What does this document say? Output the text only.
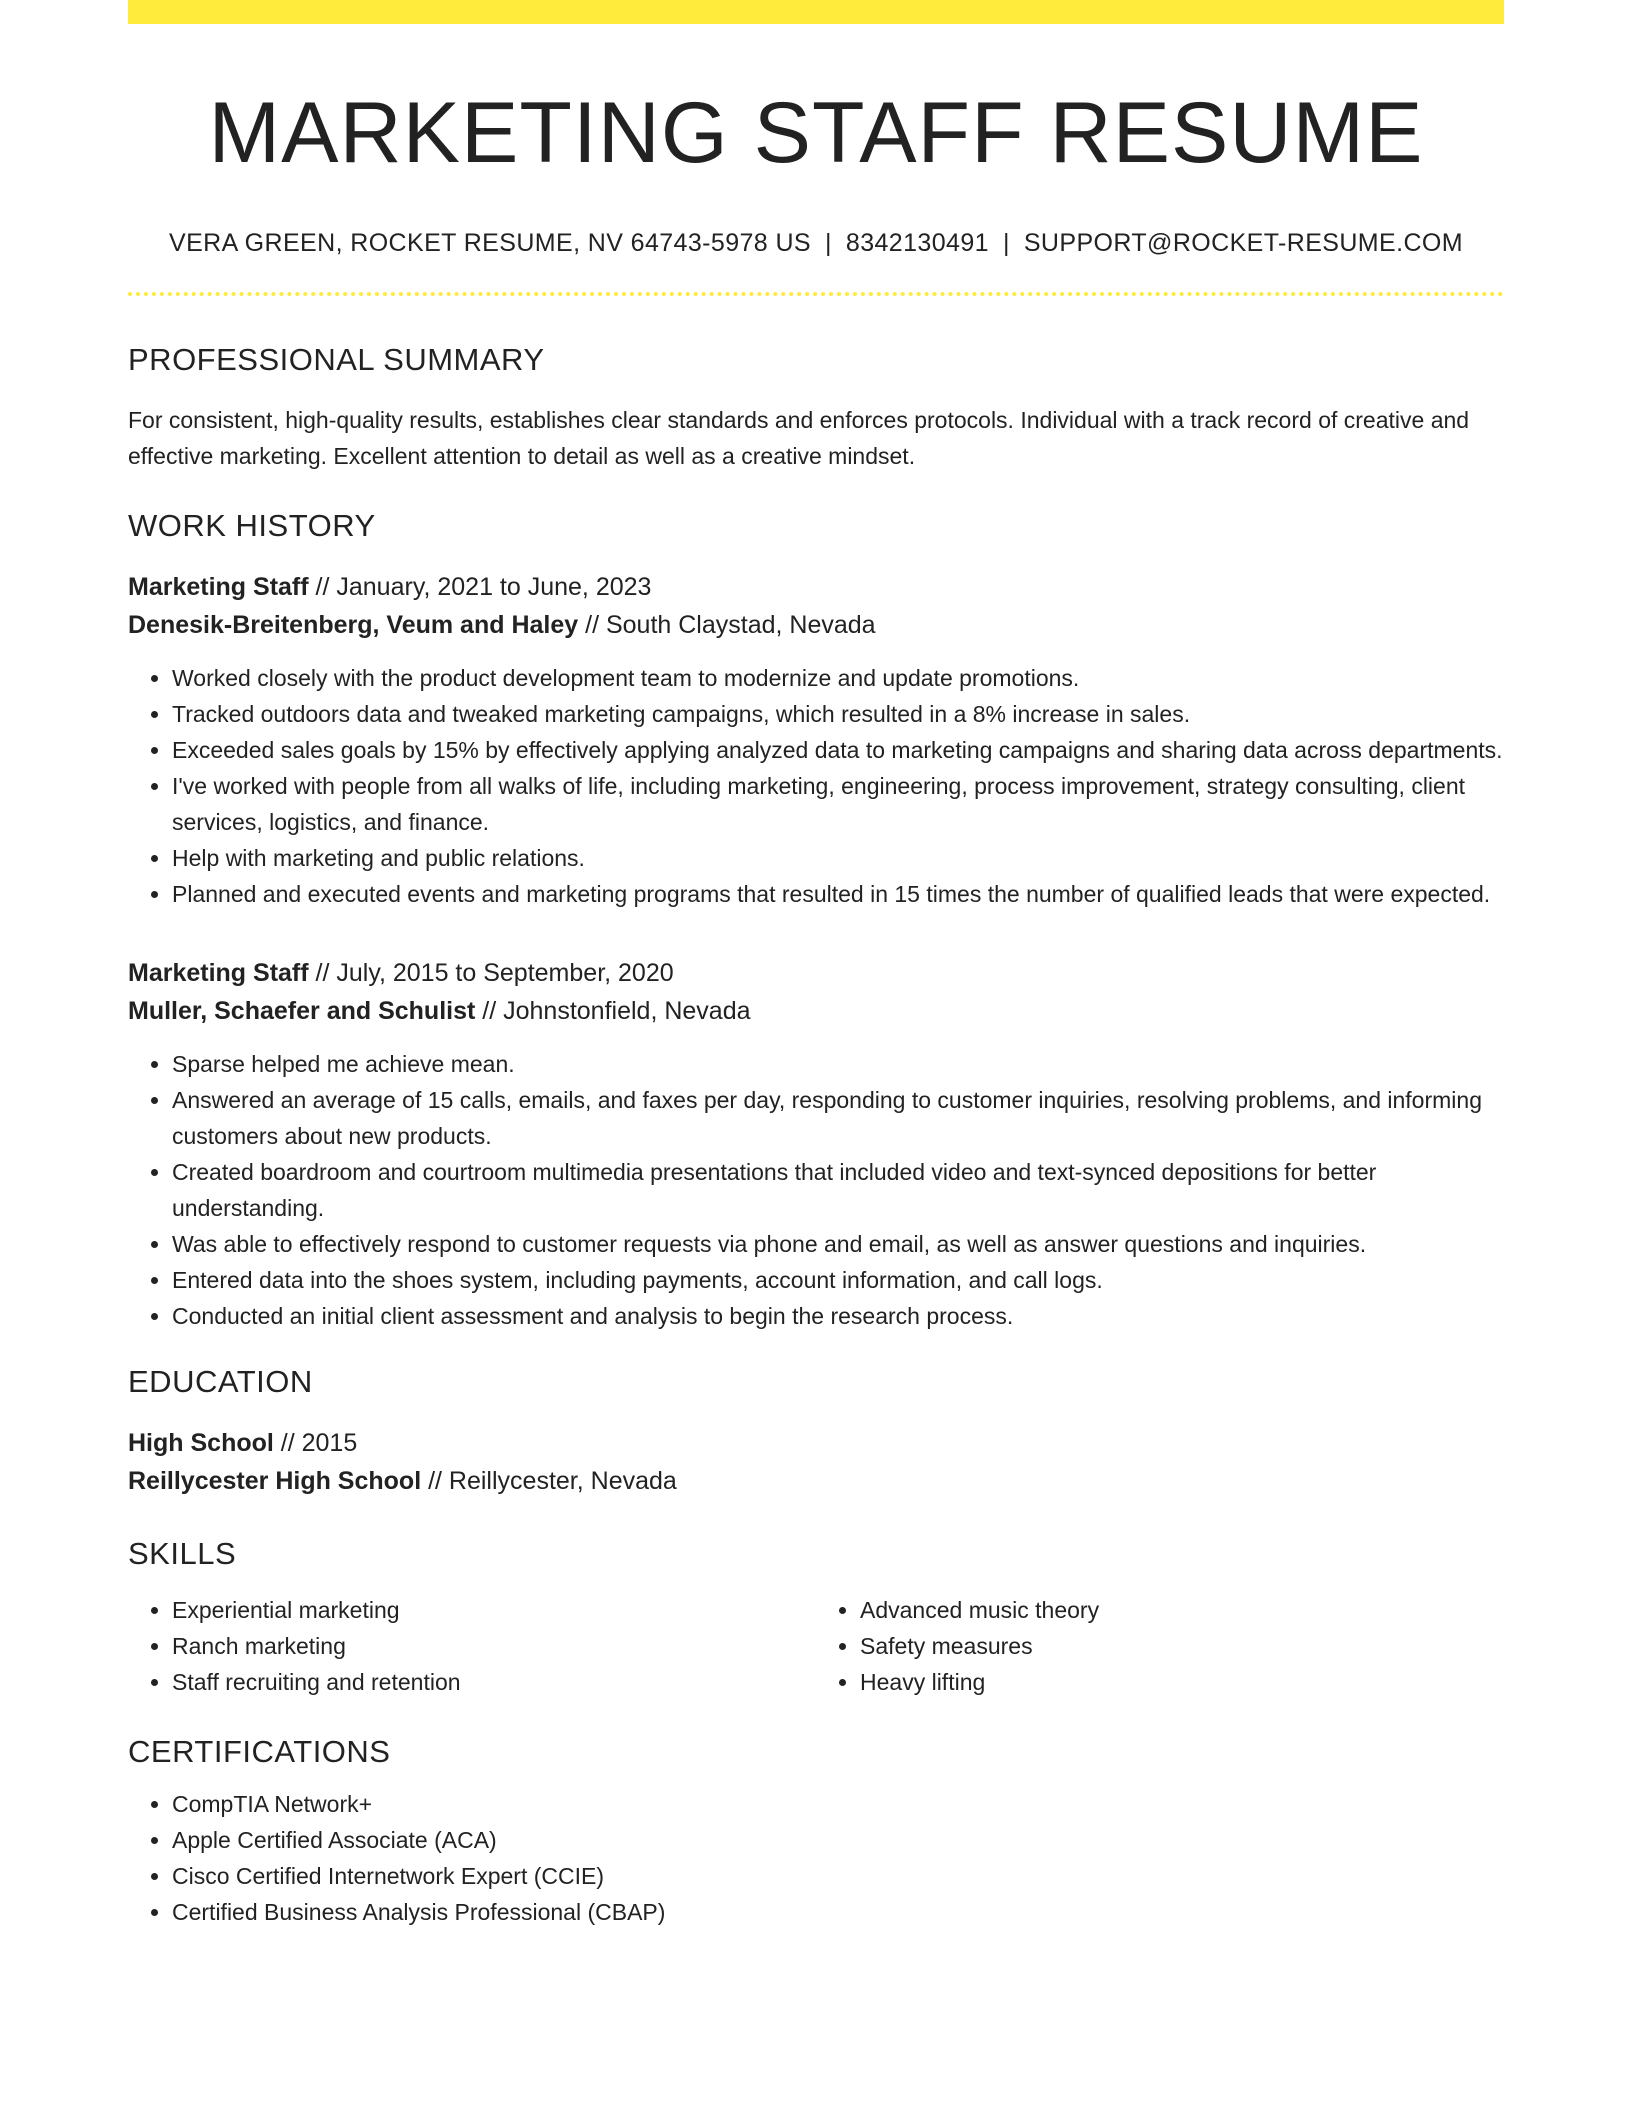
MARKETING STAFF RESUME
VERA GREEN, ROCKET RESUME, NV 64743-5978 US | 8342130491 | SUPPORT@ROCKET-RESUME.COM
PROFESSIONAL SUMMARY
For consistent, high-quality results, establishes clear standards and enforces protocols. Individual with a track record of creative and effective marketing. Excellent attention to detail as well as a creative mindset.
WORK HISTORY
Marketing Staff // January, 2021 to June, 2023
Denesik-Breitenberg, Veum and Haley // South Claystad, Nevada
• Worked closely with the product development team to modernize and update promotions.
• Tracked outdoors data and tweaked marketing campaigns, which resulted in a 8% increase in sales.
• Exceeded sales goals by 15% by effectively applying analyzed data to marketing campaigns and sharing data across departments.
• I've worked with people from all walks of life, including marketing, engineering, process improvement, strategy consulting, client services, logistics, and finance.
• Help with marketing and public relations.
• Planned and executed events and marketing programs that resulted in 15 times the number of qualified leads that were expected.
Marketing Staff // July, 2015 to September, 2020
Muller, Schaefer and Schulist // Johnstonfield, Nevada
• Sparse helped me achieve mean.
• Answered an average of 15 calls, emails, and faxes per day, responding to customer inquiries, resolving problems, and informing customers about new products.
• Created boardroom and courtroom multimedia presentations that included video and text-synced depositions for better understanding.
• Was able to effectively respond to customer requests via phone and email, as well as answer questions and inquiries.
• Entered data into the shoes system, including payments, account information, and call logs.
• Conducted an initial client assessment and analysis to begin the research process.
EDUCATION
High School // 2015
Reillycester High School // Reillycester, Nevada
SKILLS
• Experiential marketing
• Ranch marketing
• Staff recruiting and retention
• Advanced music theory
• Safety measures
• Heavy lifting
CERTIFICATIONS
• CompTIA Network+
• Apple Certified Associate (ACA)
• Cisco Certified Internetwork Expert (CCIE)
• Certified Business Analysis Professional (CBAP)
